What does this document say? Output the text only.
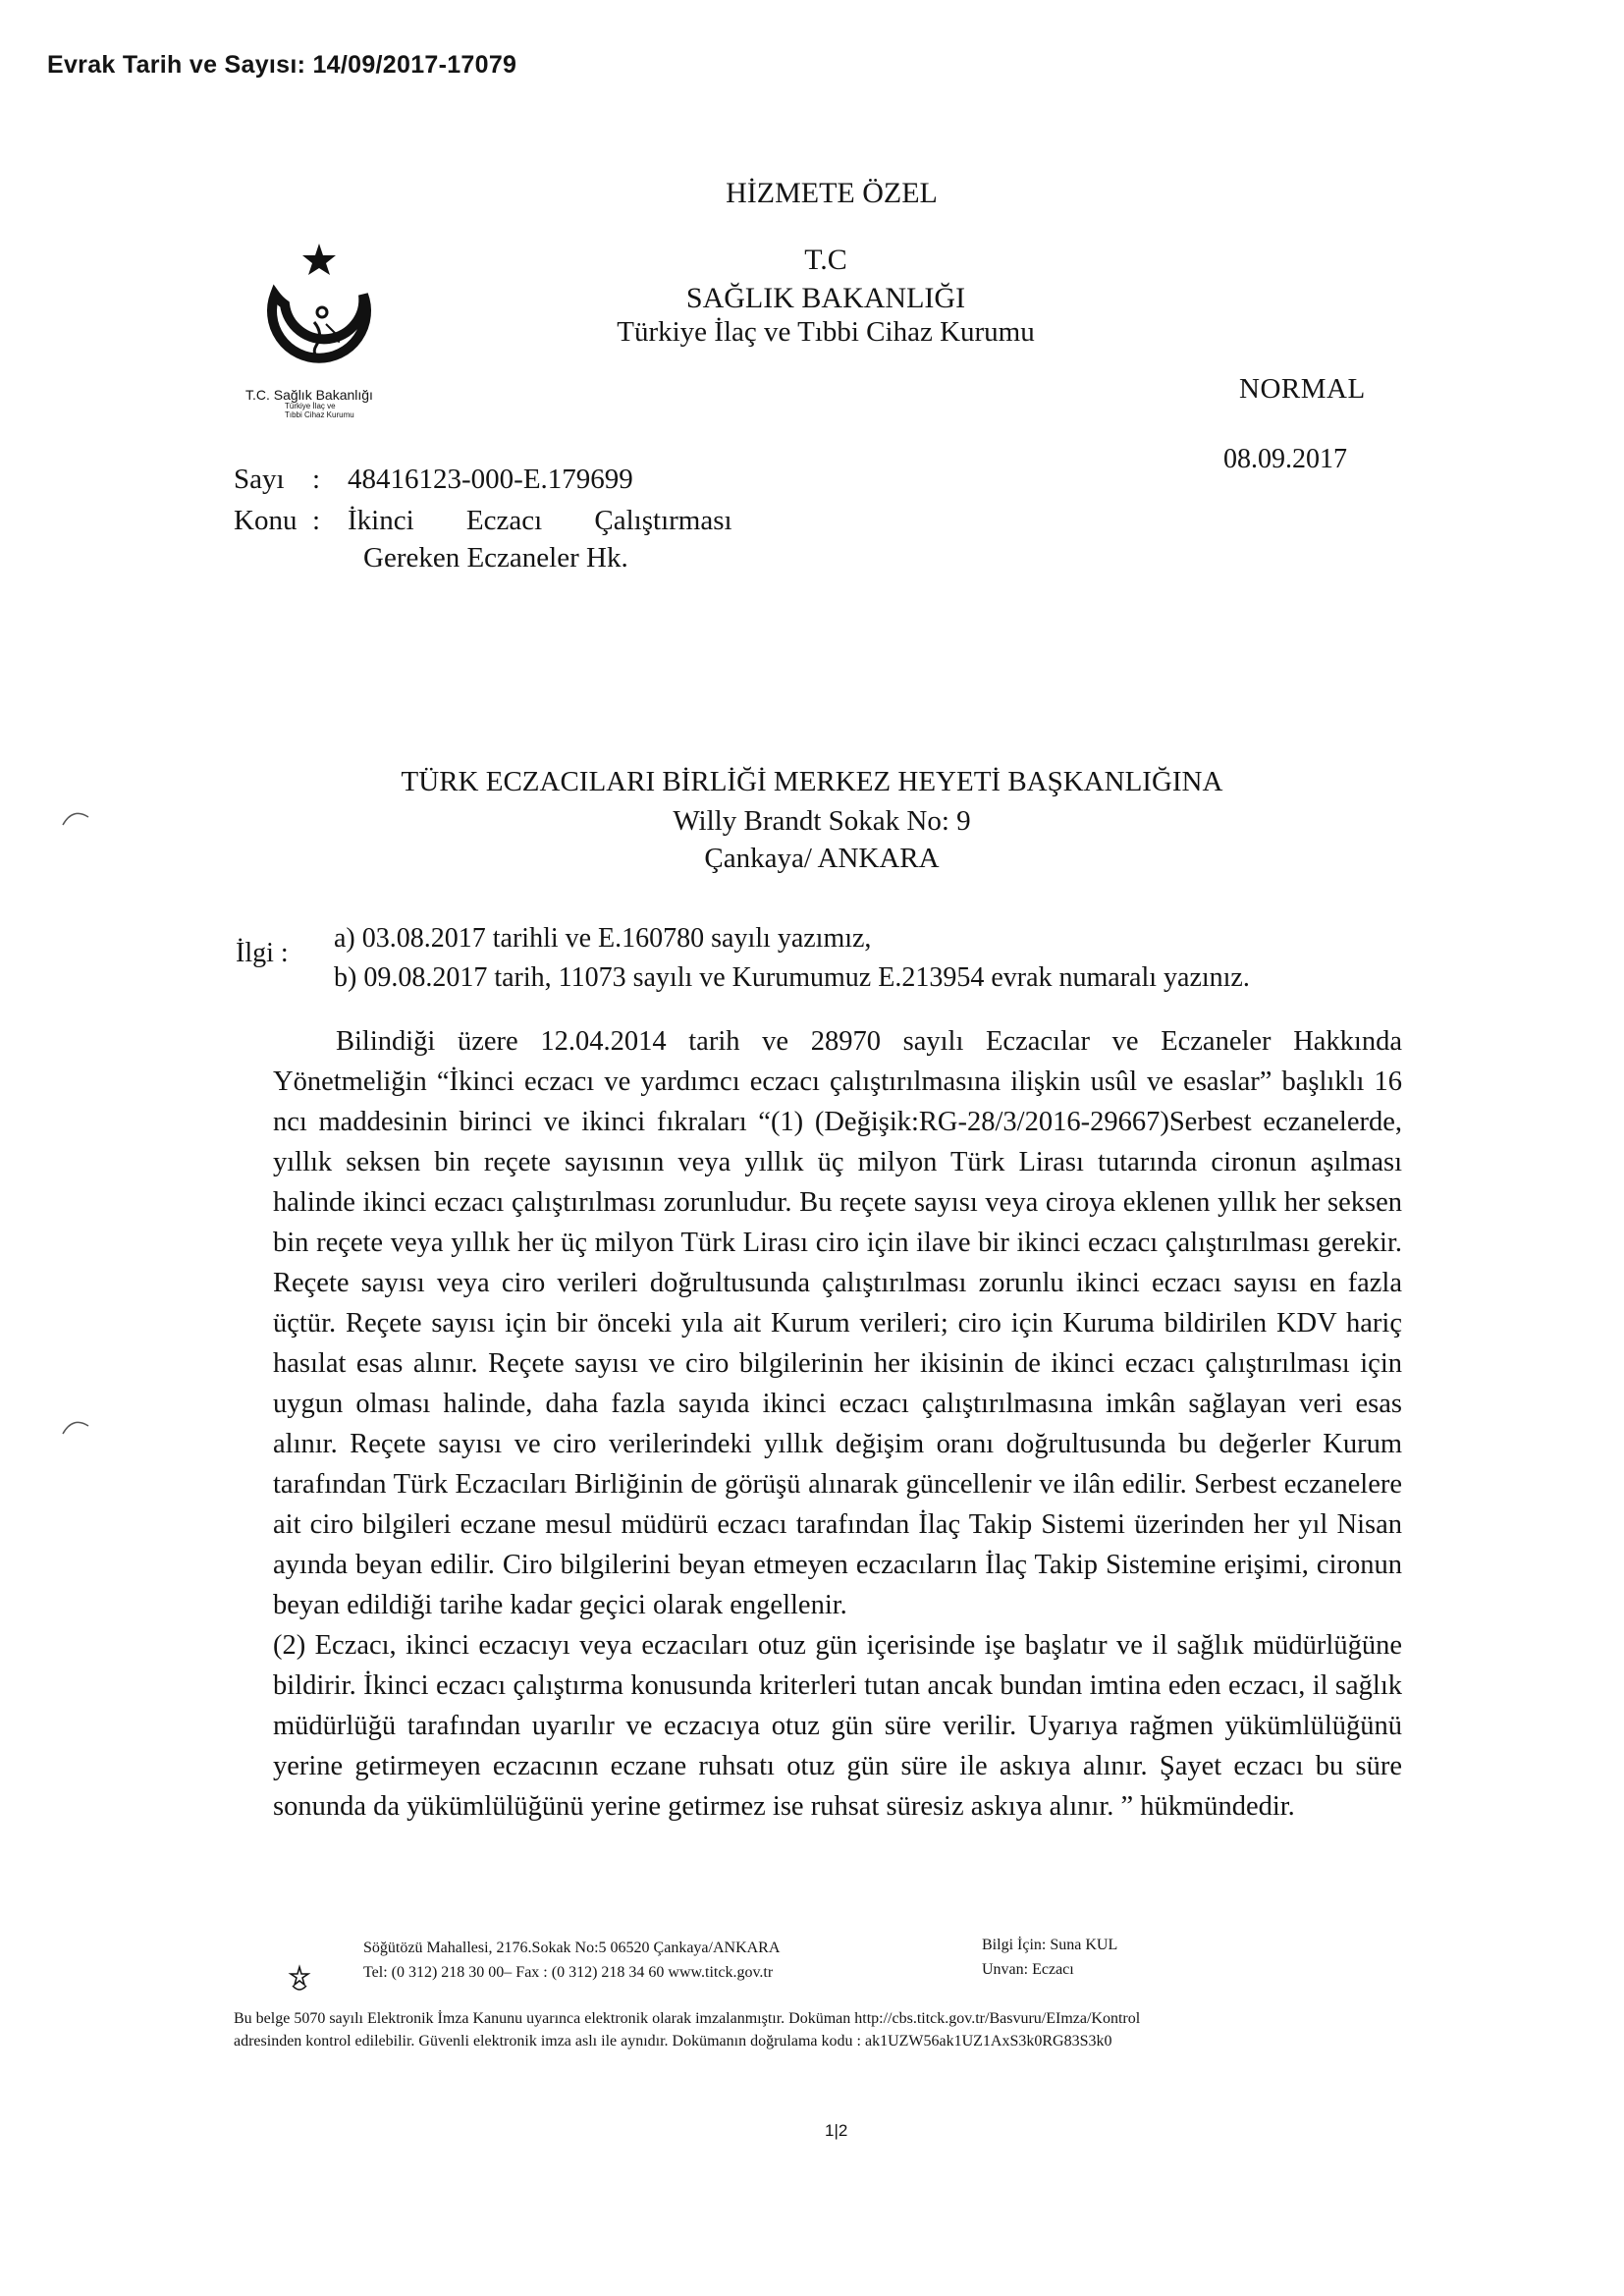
Evrak Tarih ve Sayısı: 14/09/2017-17079
HİZMETE ÖZEL
T.C
SAĞLIK BAKANLIĞI
Türkiye İlaç ve Tıbbi Cihaz Kurumu
T.C. Sağlık Bakanlığı
Türkiye İlaç ve
Tıbbi Cihaz Kurumu
NORMAL
08.09.2017
Sayı : 48416123-000-E.179699
Konu : İkinci Eczacı Çalıştırması
Gereken Eczaneler Hk.
TÜRK ECZACILARI BİRLİĞİ MERKEZ HEYETİ BAŞKANLIĞINA
Willy Brandt Sokak No: 9
Çankaya/ ANKARA
İlgi : a) 03.08.2017 tarihli ve E.160780 sayılı yazımız,
b) 09.08.2017 tarih, 11073 sayılı ve Kurumumuz E.213954 evrak numaralı yazınız.

Bilindiği üzere 12.04.2014 tarih ve 28970 sayılı Eczacılar ve Eczaneler Hakkında Yönetmeliğin “İkinci eczacı ve yardımcı eczacı çalıştırılmasına ilişkin usûl ve esaslar” başlıklı 16 ncı maddesinin birinci ve ikinci fıkraları “(1) (Değişik:RG-28/3/2016-29667)Serbest eczanelerde, yıllık seksen bin reçete sayısının veya yıllık üç milyon Türk Lirası tutarında cironun aşılması halinde ikinci eczacı çalıştırılması zorunludur. Bu reçete sayısı veya ciroya eklenen yıllık her seksen bin reçete veya yıllık her üç milyon Türk Lirası ciro için ilave bir ikinci eczacı çalıştırılması gerekir. Reçete sayısı veya ciro verileri doğrultusunda çalıştırılması zorunlu ikinci eczacı sayısı en fazla üçtür. Reçete sayısı için bir önceki yıla ait Kurum verileri; ciro için Kuruma bildirilen KDV hariç hasılat esas alınır. Reçete sayısı ve ciro bilgilerinin her ikisinin de ikinci eczacı çalıştırılması için uygun olması halinde, daha fazla sayıda ikinci eczacı çalıştırılmasına imkân sağlayan veri esas alınır. Reçete sayısı ve ciro verilerindeki yıllık değişim oranı doğrultusunda bu değerler Kurum tarafından Türk Eczacıları Birliğinin de görüşü alınarak güncellenir ve ilân edilir. Serbest eczanelere ait ciro bilgileri eczane mesul müdürü eczacı tarafından İlaç Takip Sistemi üzerinden her yıl Nisan ayında beyan edilir. Ciro bilgilerini beyan etmeyen eczacıların İlaç Takip Sistemine erişimi, cironun beyan edildiği tarihe kadar geçici olarak engellenir.

(2) Eczacı, ikinci eczacıyı veya eczacıları otuz gün içerisinde işe başlatır ve il sağlık müdürlüğüne bildirir. İkinci eczacı çalıştırma konusunda kriterleri tutan ancak bundan imtina eden eczacı, il sağlık müdürlüğü tarafından uyarılır ve eczacıya otuz gün süre verilir. Uyarıya rağmen yükümlülüğünü yerine getirmeyen eczacının eczane ruhsatı otuz gün süre ile askıya alınır. Şayet eczacı bu süre sonunda da yükümlülüğünü yerine getirmez ise ruhsat süresiz askıya alınır. ” hükmündedir.

Söğütözü Mahallesi, 2176.Sokak No:5 06520 Çankaya/ANKARA
Tel: (0 312) 218 30 00– Fax : (0 312) 218 34 60 www.titck.gov.tr
Bilgi İçin: Suna KUL
Unvan: Eczacı
Bu belge 5070 sayılı Elektronik İmza Kanunu uyarınca elektronik olarak imzalanmıştır. Doküman http://cbs.titck.gov.tr/Basvuru/EImza/Kontrol
adresinden kontrol edilebilir. Güvenli elektronik imza aslı ile aynıdır. Dokümanın doğrulama kodu : ak1UZW56ak1UZ1AxS3k0RG83S3k0
1|2
